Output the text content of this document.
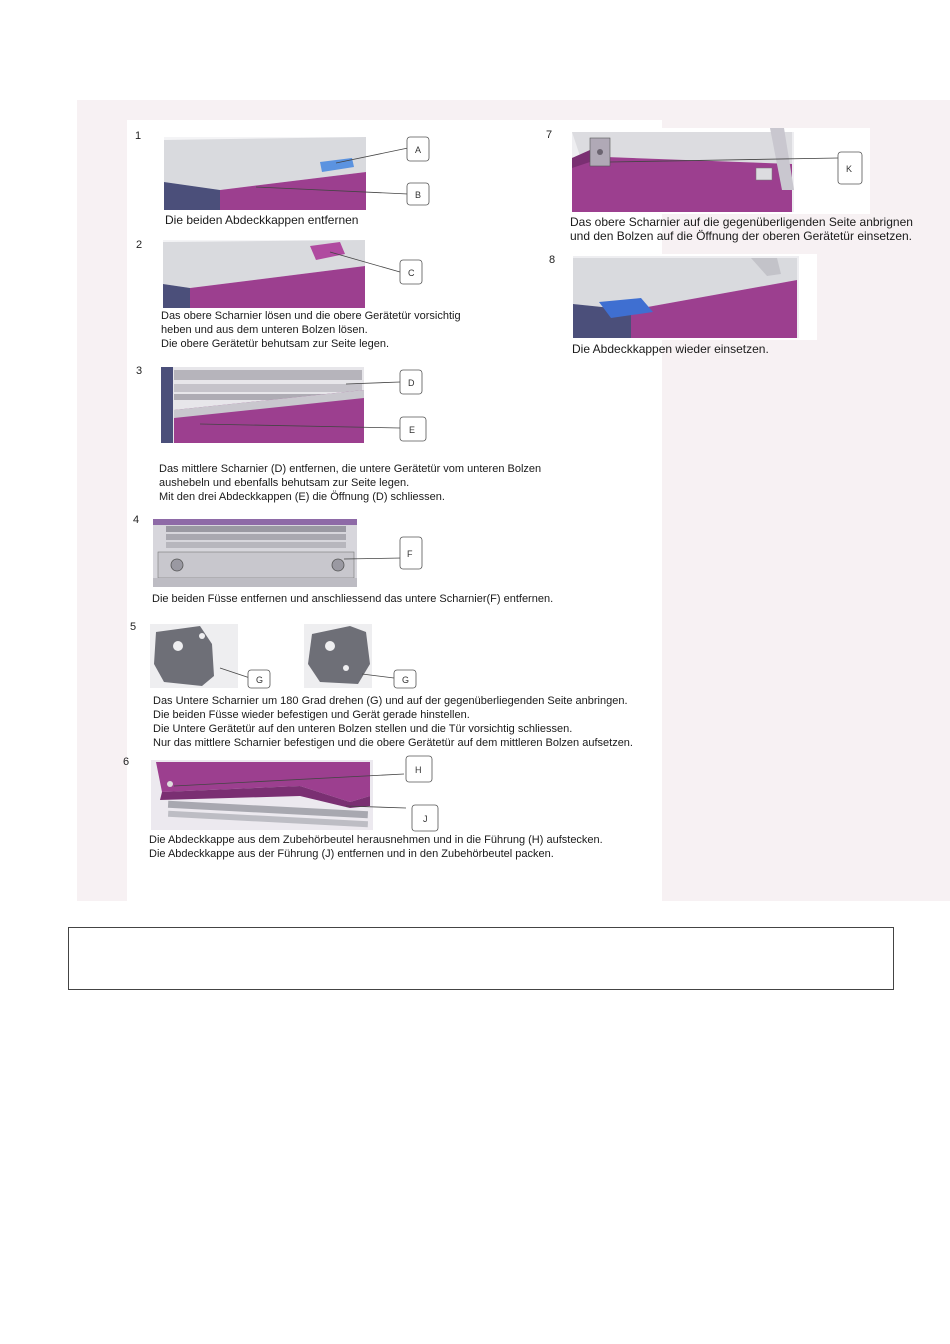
1
A
B
Die beiden Abdeckkappen entfernen
2
C
Das obere Scharnier lösen und die obere Gerätetür vorsichtig
heben und aus dem unteren Bolzen lösen.
Die obere Gerätetür behutsam zur Seite legen.
3
D
E
Das mittlere Scharnier (D) entfernen, die untere Gerätetür vom unteren Bolzen
aushebeln und ebenfalls behutsam zur Seite legen.
Mit den drei Abdeckkappen (E) die Öffnung (D) schliessen.
4
F
Die beiden Füsse entfernen und anschliessend das untere Scharnier(F) entfernen.
5
G	G
Das Untere Scharnier um 180 Grad drehen (G) und auf der gegenüberliegenden Seite anbringen.
Die beiden Füsse wieder befestigen und Gerät gerade hinstellen.
Die Untere Gerätetür auf den unteren Bolzen stellen und die Tür vorsichtig schliessen.
Nur das mittlere Scharnier befestigen und die obere Gerätetür auf dem mittleren Bolzen aufsetzen.
6
H
J
Die Abdeckkappe aus dem Zubehörbeutel herausnehmen und in die Führung (H) aufstecken.
Die Abdeckkappe aus der Führung (J) entfernen und in den Zubehörbeutel packen.
7
K
Das obere Scharnier auf die gegenüberligenden Seite anbrignen
und den Bolzen auf die Öffnung der oberen Gerätetür einsetzen.
8
Die Abdeckkappen wieder einsetzen.
